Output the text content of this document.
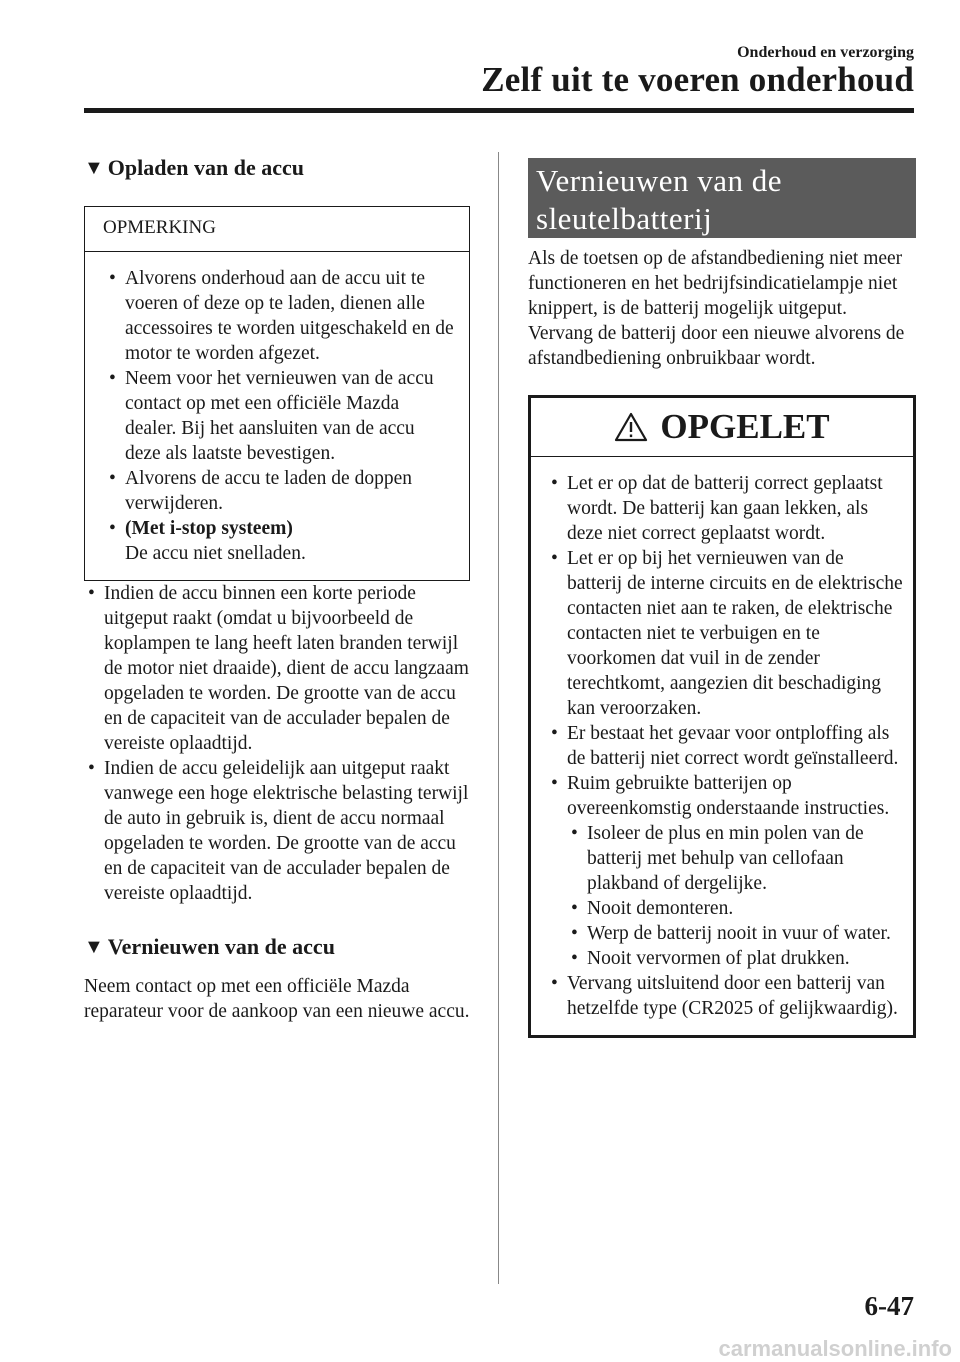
Onderhoud en verzorging
Zelf uit te voeren onderhoud
▼ Opladen van de accu
OPMERKING
• Alvorens onderhoud aan de accu uit te voeren of deze op te laden, dienen alle accessoires te worden uitgeschakeld en de motor te worden afgezet.
• Neem voor het vernieuwen van de accu contact op met een officiële Mazda dealer. Bij het aansluiten van de accu deze als laatste bevestigen.
• Alvorens de accu te laden de doppen verwijderen.
• (Met i-stop systeem)
De accu niet snelladen.
• Indien de accu binnen een korte periode uitgeput raakt (omdat u bijvoorbeeld de koplampen te lang heeft laten branden terwijl de motor niet draaide), dient de accu langzaam opgeladen te worden. De grootte van de accu en de capaciteit van de acculader bepalen de vereiste oplaadtijd.
• Indien de accu geleidelijk aan uitgeput raakt vanwege een hoge elektrische belasting terwijl de auto in gebruik is, dient de accu normaal opgeladen te worden. De grootte van de accu en de capaciteit van de acculader bepalen de vereiste oplaadtijd.
▼ Vernieuwen van de accu

Neem contact op met een officiële Mazda reparateur voor de aankoop van een nieuwe accu.

Vernieuwen van de
sleutelbatterij

Als de toetsen op de afstandbediening niet meer functioneren en het bedrijfsindicatielampje niet knippert, is de batterij mogelijk uitgeput.

Vervang de batterij door een nieuwe alvorens de afstandbediening onbruikbaar wordt.

OPGELET
• Let er op dat de batterij correct geplaatst wordt. De batterij kan gaan lekken, als deze niet correct geplaatst wordt.
• Let er op bij het vernieuwen van de batterij de interne circuits en de elektrische contacten niet aan te raken, de elektrische contacten niet te verbuigen en te voorkomen dat vuil in de zender terechtkomt, aangezien dit beschadiging kan veroorzaken.
• Er bestaat het gevaar voor ontploffing als de batterij niet correct wordt geïnstalleerd.
• Ruim gebruikte batterijen op overeenkomstig onderstaande instructies.
• Isoleer de plus en min polen van de batterij met behulp van cellofaan plakband of dergelijke.
• Nooit demonteren.
• Werp de batterij nooit in vuur of water.
• Nooit vervormen of plat drukken.
• Vervang uitsluitend door een batterij van hetzelfde type (CR2025 of gelijkwaardig).
6-47
carmanualsonline.info
